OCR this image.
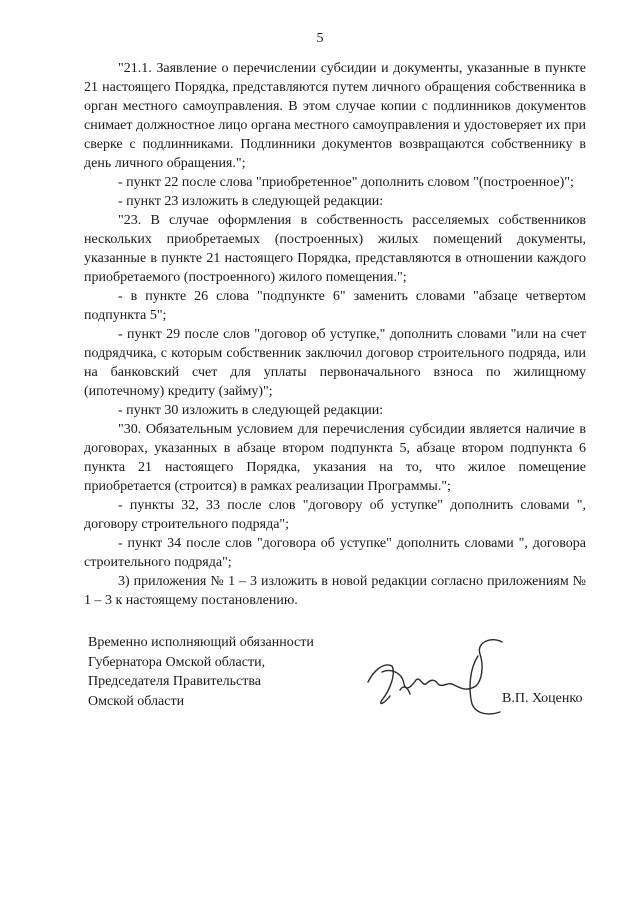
5

"21.1. Заявление о перечислении субсидии и документы, указанные в пункте 21 настоящего Порядка, представляются путем личного обращения собственника в орган местного самоуправления. В этом случае копии с подлинников документов снимает должностное лицо органа местного самоуправления и удостоверяет их при сверке с подлинниками. Подлинники документов возвращаются собственнику в день личного обращения.";

- пункт 22 после слова "приобретенное" дополнить словом "(построенное)";

- пункт 23 изложить в следующей редакции:

"23. В случае оформления в собственность расселяемых собственников нескольких приобретаемых (построенных) жилых помещений документы, указанные в пункте 21 настоящего Порядка, представляются в отношении каждого приобретаемого (построенного) жилого помещения.";

- в пункте 26 слова "подпункте 6" заменить словами "абзаце четвертом подпункта 5";

- пункт 29 после слов "договор об уступке," дополнить словами "или на счет подрядчика, с которым собственник заключил договор строительного подряда, или на банковский счет для уплаты первоначального взноса по жилищному (ипотечному) кредиту (займу)";

- пункт 30 изложить в следующей редакции:

"30. Обязательным условием для перечисления субсидии является наличие в договорах, указанных в абзаце втором подпункта 5, абзаце втором подпункта 6 пункта 21 настоящего Порядка, указания на то, что жилое помещение приобретается (строится) в рамках реализации Программы.";

- пункты 32, 33 после слов "договору об уступке" дополнить словами ", договору строительного подряда";

- пункт 34 после слов "договора об уступке" дополнить словами ", договора строительного подряда";

3) приложения № 1 – 3 изложить в новой редакции согласно приложениям № 1 – 3 к настоящему постановлению.

Временно исполняющий обязанности
Губернатора Омской области,
Председателя Правительства
Омской области	В.П. Хоценко
